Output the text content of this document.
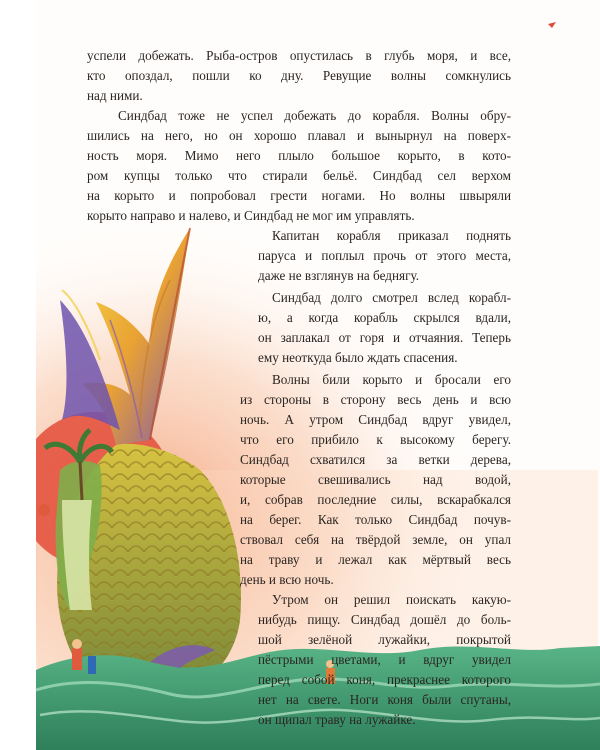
успели добежать. Рыба-остров опустилась в глубь моря, и все,

кто опоздал, пошли ко дну. Ревущие волны сомкнулись

над ними.

Синдбад тоже не успел добежать до корабля. Волны обру-

шились на него, но он хорошо плавал и вынырнул на поверх-

ность моря. Мимо него плыло большое корыто, в кото-

ром купцы только что стирали бельё. Синдбад сел верхом

на корыто и попробовал грести ногами. Но волны швыряли

корыто направо и налево, и Синдбад не мог им управлять.

Капитан корабля приказал поднять

паруса и поплыл прочь от этого места,

даже не взглянув на беднягу.

Синдбад долго смотрел вслед корабл-

ю, а когда корабль скрылся вдали,

он заплакал от горя и отчаяния. Теперь

ему неоткуда было ждать спасения.

Волны били корыто и бросали его

из стороны в сторону весь день и всю

ночь. А утром Синдбад вдруг увидел,

что его прибило к высокому берегу.

Синдбад схватился за ветки дерева,

которые свешивались над водой,

и, собрав последние силы, вскарабкался

на берег. Как только Синдбад почув-

ствовал себя на твёрдой земле, он упал

на траву и лежал как мёртвый весь

день и всю ночь.

Утром он решил поискать какую-

нибудь пищу. Синдбад дошёл до боль-

шой зелёной лужайки, покрытой

пёстрыми цветами, и вдруг увидел

перед собой коня, прекраснее которого

нет на свете. Ноги коня были спутаны,

он щипал траву на лужайке.
